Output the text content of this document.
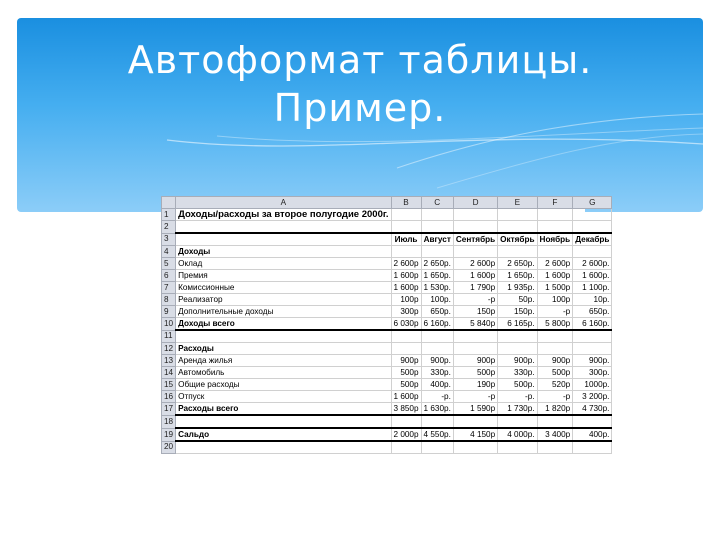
Автоформат таблицы.
Пример.
	A	B	C	D	E	F	G
1	Доходы/расходы за второе полугодие 2000г.						
2							
3		Июль	Август	Сентябрь	Октябрь	Ноябрь	Декабрь
4	Доходы						
5	Оклад	2 600р	2 650р.	2 600р	2 650р.	2 600р	2 600р.
6	Премия	1 600р	1 650р.	1 600р	1 650р.	1 600р	1 600р.
7	Комиссионные	1 600р	1 530р.	1 790р	1 935р.	1 500р	1 100р.
8	Реализатор	100р	100р.	-р	50р.	100р	10р.
9	Дополнительные доходы	300р	650р.	150р	150р.	-р	650р.
10	Доходы всего	6 030р	6 160р.	5 840р	6 165р.	5 800р	6 160р.
11							
12	Расходы						
13	Аренда жилья	900р	900р.	900р	900р.	900р	900р.
14	Автомобиль	500р	330р.	500р	330р.	500р	300р.
15	Общие расходы	500р	400р.	190р	500р.	520р	1000р.
16	Отпуск	1 600р	-р.	-р	-р.	-р	3 200р.
17	Расходы всего	3 850р	1 630р.	1 590р	1 730р.	1 820р	4 730р.
18							
19	Сальдо	2 000р	4 550р.	4 150р	4 000р.	3 400р	400р.
20							
